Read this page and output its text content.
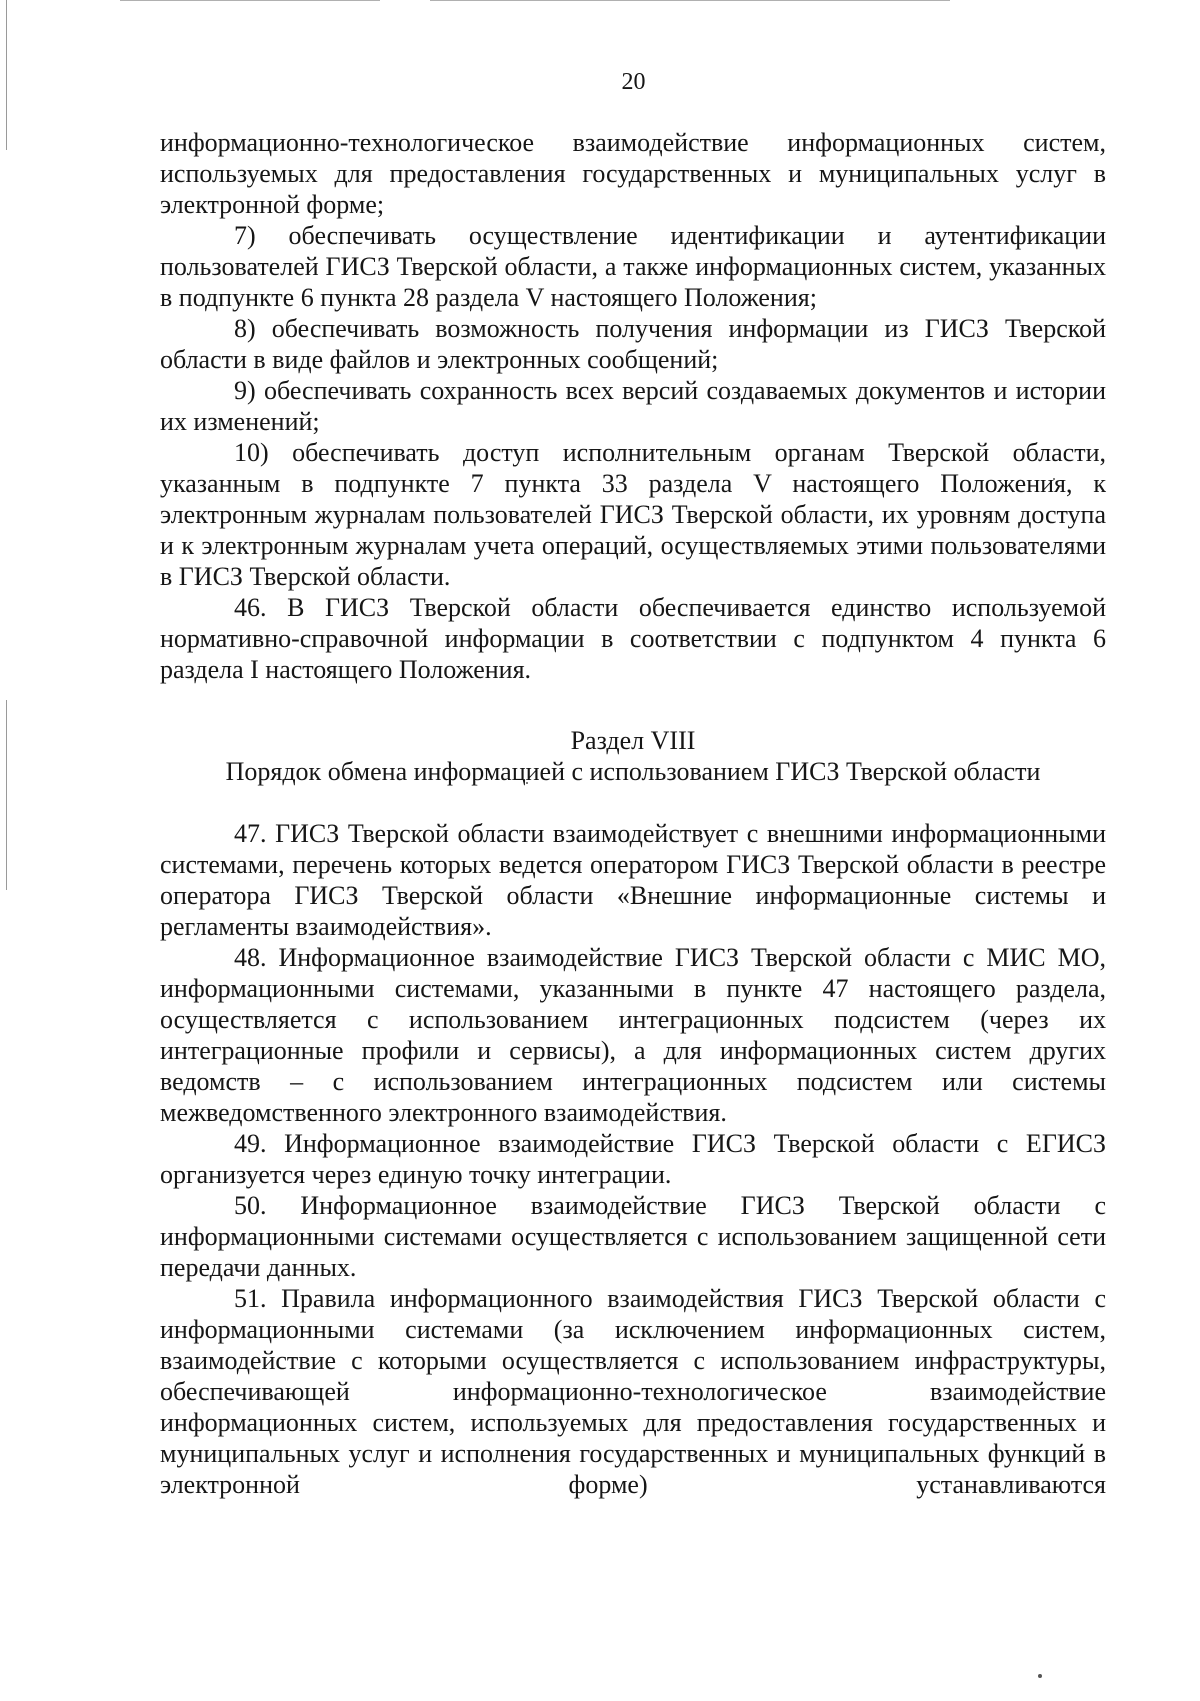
20

информационно-технологическое взаимодействие информационных систем, используемых для предоставления государственных и муниципальных услуг в электронной форме;

7) обеспечивать осуществление идентификации и аутентификации пользователей ГИСЗ Тверской области, а также информационных систем, указанных в подпункте 6 пункта 28 раздела V настоящего Положения;

8) обеспечивать возможность получения информации из ГИСЗ Тверской области в виде файлов и электронных сообщений;

9) обеспечивать сохранность всех версий создаваемых документов и истории их изменений;

10) обеспечивать доступ исполнительным органам Тверской области, указанным в подпункте 7 пункта 33 раздела V настоящего Положения, к электронным журналам пользователей ГИСЗ Тверской области, их уровням доступа и к электронным журналам учета операций, осуществляемых этими пользователями в ГИСЗ Тверской области.

46. В ГИСЗ Тверской области обеспечивается единство используемой нормативно-справочной информации в соответствии с подпунктом 4 пункта 6 раздела I настоящего Положения.

Раздел VIII

Порядок обмена информацией с использованием ГИСЗ Тверской области

47. ГИСЗ Тверской области взаимодействует с внешними информационными системами, перечень которых ведется оператором ГИСЗ Тверской области в реестре оператора ГИСЗ Тверской области «Внешние информационные системы и регламенты взаимодействия».

48. Информационное взаимодействие ГИСЗ Тверской области с МИС МО, информационными системами, указанными в пункте 47 настоящего раздела, осуществляется с использованием интеграционных подсистем (через их интеграционные профили и сервисы), а для информационных систем других ведомств – с использованием интеграционных подсистем или системы межведомственного электронного взаимодействия.

49. Информационное взаимодействие ГИСЗ Тверской области с ЕГИСЗ организуется через единую точку интеграции.

50. Информационное взаимодействие ГИСЗ Тверской области с информационными системами осуществляется с использованием защищенной сети передачи данных.

51. Правила информационного взаимодействия ГИСЗ Тверской области с информационными системами (за исключением информационных систем, взаимодействие с которыми осуществляется с использованием инфраструктуры, обеспечивающей информационно-технологическое взаимодействие информационных систем, используемых для предоставления государственных и муниципальных услуг и исполнения государственных и муниципальных функций в электронной форме) устанавливаются
